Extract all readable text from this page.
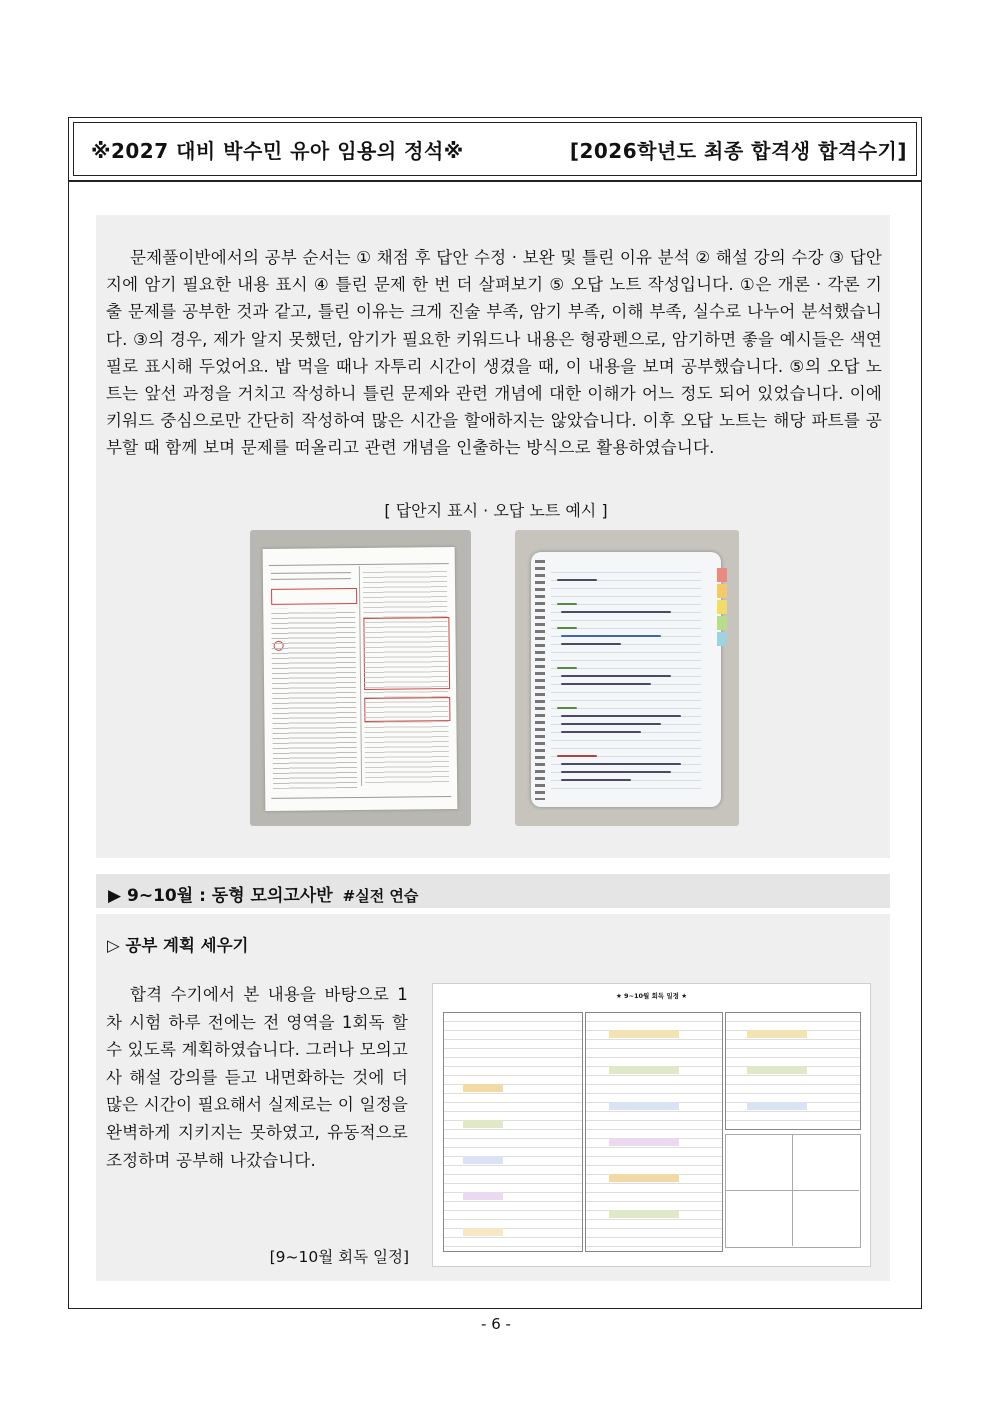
※2027 대비 박수민 유아 임용의 정석※	[2026학년도 최종 합격생 합격수기]

문제풀이반에서의 공부 순서는 ① 채점 후 답안 수정 · 보완 및 틀린 이유 분석 ② 해설 강의 수강 ③ 답안지에 암기 필요한 내용 표시 ④ 틀린 문제 한 번 더 살펴보기 ⑤ 오답 노트 작성입니다. ①은 개론 · 각론 기출 문제를 공부한 것과 같고, 틀린 이유는 크게 진술 부족, 암기 부족, 이해 부족, 실수로 나누어 분석했습니다. ③의 경우, 제가 알지 못했던, 암기가 필요한 키워드나 내용은 형광펜으로, 암기하면 좋을 예시들은 색연필로 표시해 두었어요. 밥 먹을 때나 자투리 시간이 생겼을 때, 이 내용을 보며 공부했습니다. ⑤의 오답 노트는 앞선 과정을 거치고 작성하니 틀린 문제와 관련 개념에 대한 이해가 어느 정도 되어 있었습니다. 이에 키워드 중심으로만 간단히 작성하여 많은 시간을 할애하지는 않았습니다. 이후 오답 노트는 해당 파트를 공부할 때 함께 보며 문제를 떠올리고 관련 개념을 인출하는 방식으로 활용하였습니다.

[ 답안지 표시 · 오답 노트 예시 ]
▶ 9~10월 : 동형 모의고사반 #실전 연습
▷ 공부 계획 세우기

합격 수기에서 본 내용을 바탕으로 1차 시험 하루 전에는 전 영역을 1회독 할 수 있도록 계획하였습니다. 그러나 모의고사 해설 강의를 듣고 내면화하는 것에 더 많은 시간이 필요해서 실제로는 이 일정을 완벽하게 지키지는 못하였고, 유동적으로 조정하며 공부해 나갔습니다.

[9~10월 회독 일정]
★ 9~10월 회독 일정 ★
- 6 -
